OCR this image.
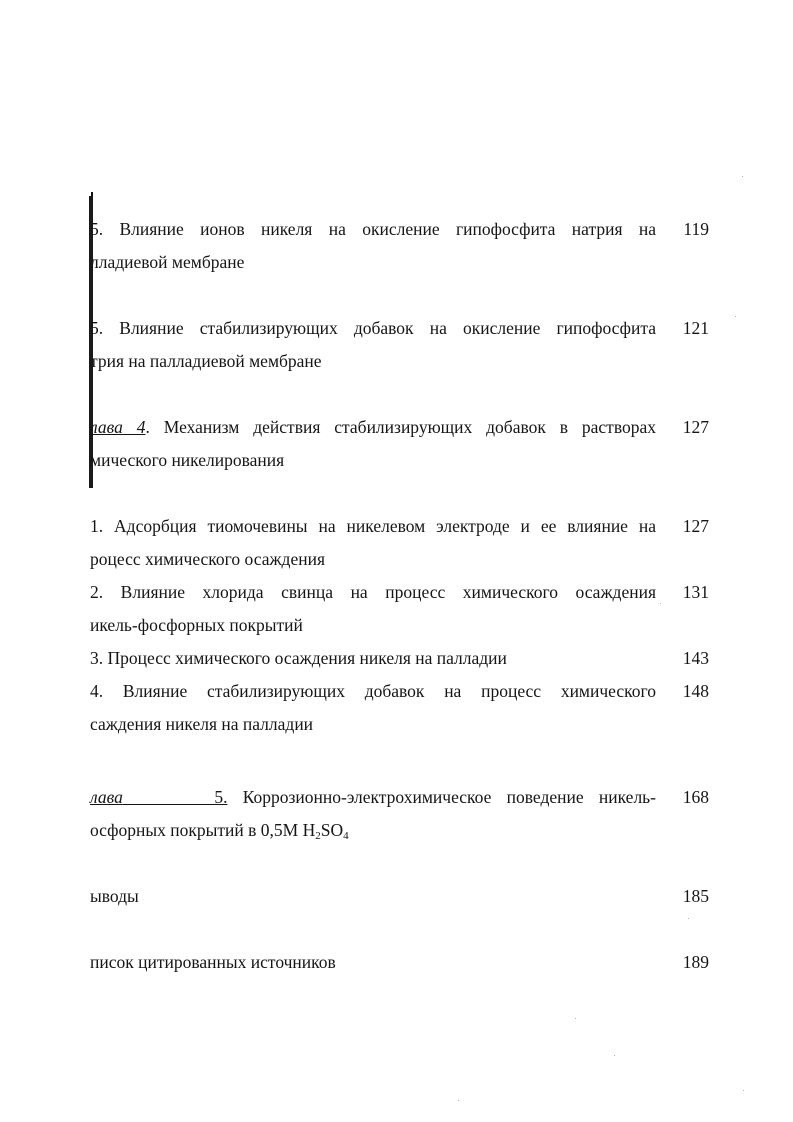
5. Влияние ионов никеля на окисление гипофосфита натрия на
лладиевой мембране
119
5. Влияние стабилизирующих добавок на окисление гипофосфита
трия на палладиевой мембране
121
лава 4. Механизм действия стабилизирующих добавок в растворах
мического никелирования
127
1. Адсорбция тиомочевины на никелевом электроде и ее влияние на
роцесс химического осаждения
127
2. Влияние хлорида свинца на процесс химического осаждения
икель-фосфорных покрытий
131
3. Процесс химического осаждения никеля на палладии	143
4. Влияние стабилизирующих добавок на процесс химического
саждения никеля на палладии
148
лава	5. Коррозионно-электрохимическое поведение никель-
осфорных покрытий в 0,5М $H_2SO_4$
168
ыводы	185
писок цитированных источников	189
